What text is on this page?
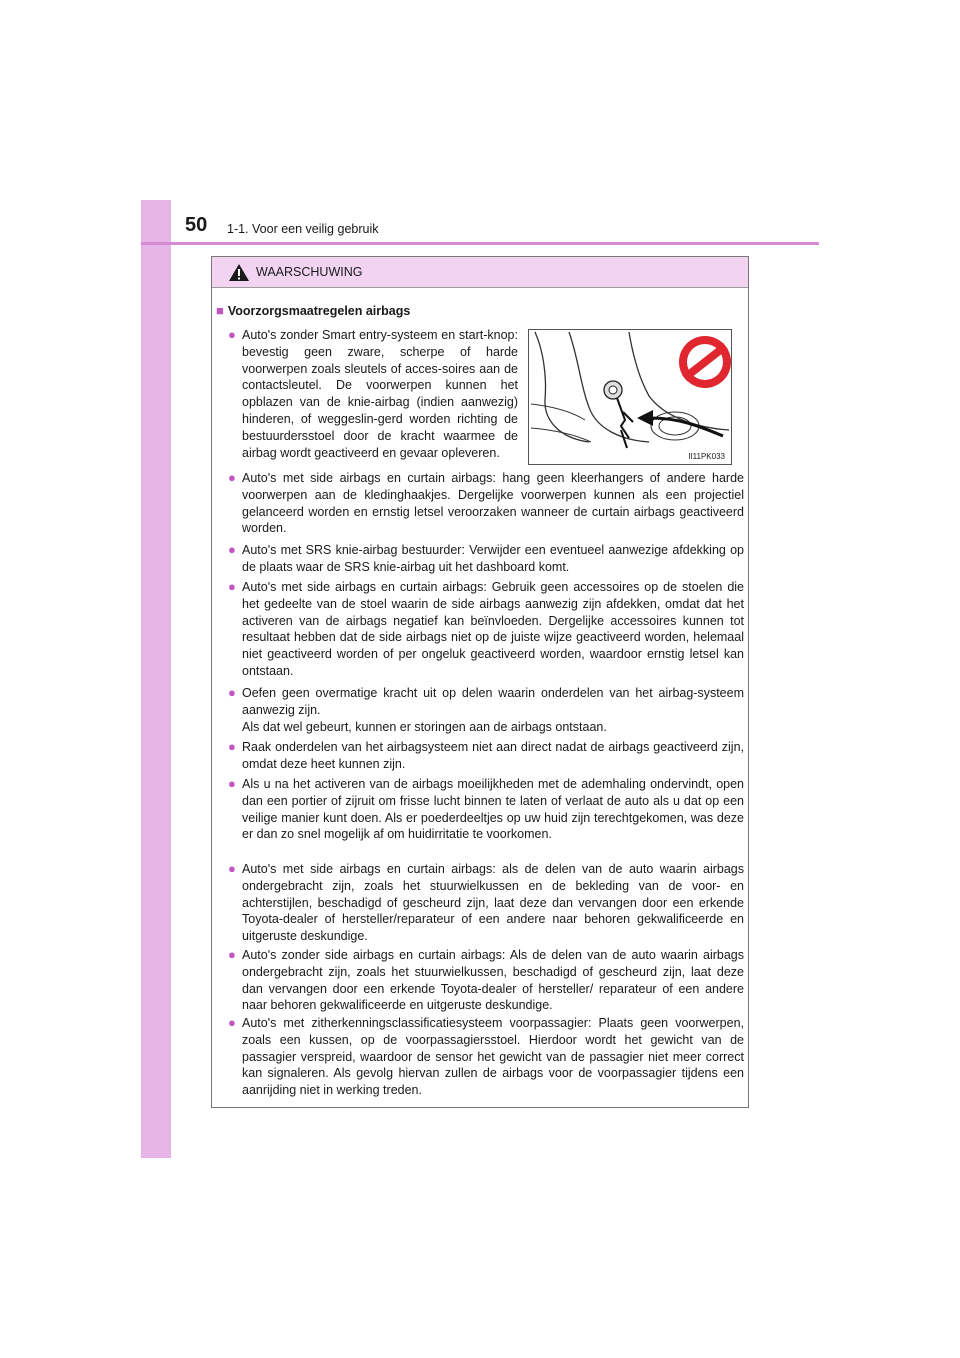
50 1-1. Voor een veilig gebruik
WAARSCHUWING
■ Voorzorgsmaatregelen airbags
II11PK033
● Auto's zonder Smart entry-systeem en start-knop: bevestig geen zware, scherpe of harde voorwerpen zoals sleutels of acces-soires aan de contactsleutel. De voorwerpen kunnen het opblazen van de knie-airbag (indien aanwezig) hinderen, of weggeslin-gerd worden richting de bestuurdersstoel door de kracht waarmee de airbag wordt geactiveerd en gevaar opleveren.
● Auto's met side airbags en curtain airbags: hang geen kleerhangers of andere harde voorwerpen aan de kledinghaakjes. Dergelijke voorwerpen kunnen als een projectiel gelanceerd worden en ernstig letsel veroorzaken wanneer de curtain airbags geactiveerd worden.
● Auto's met SRS knie-airbag bestuurder: Verwijder een eventueel aanwezige afdekking op de plaats waar de SRS knie-airbag uit het dashboard komt.
● Auto's met side airbags en curtain airbags: Gebruik geen accessoires op de stoelen die het gedeelte van de stoel waarin de side airbags aanwezig zijn afdekken, omdat dat het activeren van de airbags negatief kan beïnvloeden. Dergelijke accessoires kunnen tot resultaat hebben dat de side airbags niet op de juiste wijze geactiveerd worden, helemaal niet geactiveerd worden of per ongeluk geactiveerd worden, waardoor ernstig letsel kan ontstaan.
● Oefen geen overmatige kracht uit op delen waarin onderdelen van het airbag-systeem aanwezig zijn.
Als dat wel gebeurt, kunnen er storingen aan de airbags ontstaan.
● Raak onderdelen van het airbagsysteem niet aan direct nadat de airbags geactiveerd zijn, omdat deze heet kunnen zijn.
● Als u na het activeren van de airbags moeilijkheden met de ademhaling ondervindt, open dan een portier of zijruit om frisse lucht binnen te laten of verlaat de auto als u dat op een veilige manier kunt doen. Als er poederdeeltjes op uw huid zijn terechtgekomen, was deze er dan zo snel mogelijk af om huidirritatie te voorkomen.
● Auto's met side airbags en curtain airbags: als de delen van de auto waarin airbags ondergebracht zijn, zoals het stuurwielkussen en de bekleding van de voor- en achterstijlen, beschadigd of gescheurd zijn, laat deze dan vervangen door een erkende Toyota-dealer of hersteller/reparateur of een andere naar behoren gekwalificeerde en uitgeruste deskundige.
● Auto's zonder side airbags en curtain airbags: Als de delen van de auto waarin airbags ondergebracht zijn, zoals het stuurwielkussen, beschadigd of gescheurd zijn, laat deze dan vervangen door een erkende Toyota-dealer of hersteller/ reparateur of een andere naar behoren gekwalificeerde en uitgeruste deskundige.
● Auto's met zitherkenningsclassificatiesysteem voorpassagier: Plaats geen voorwerpen, zoals een kussen, op de voorpassagiersstoel. Hierdoor wordt het gewicht van de passagier verspreid, waardoor de sensor het gewicht van de passagier niet meer correct kan signaleren. Als gevolg hiervan zullen de airbags voor de voorpassagier tijdens een aanrijding niet in werking treden.
